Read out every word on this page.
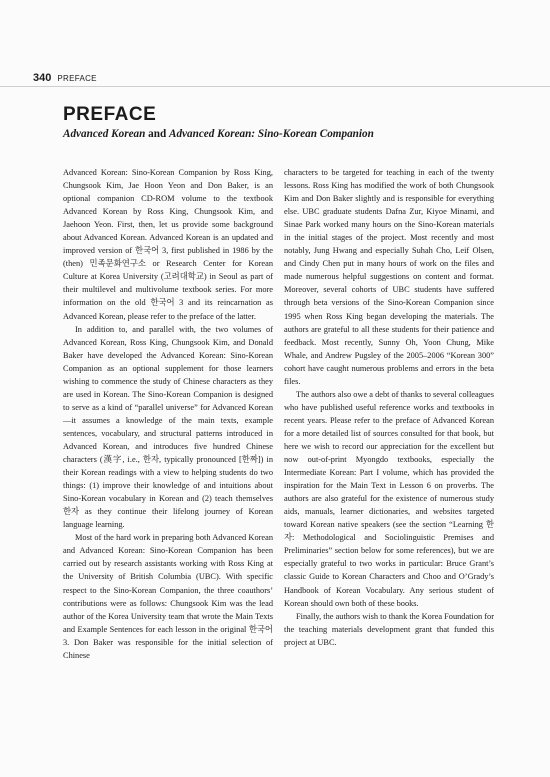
340 PREFACE
PREFACE
Advanced Korean and Advanced Korean: Sino-Korean Companion

Advanced Korean: Sino-Korean Companion by Ross King, Chungsook Kim, Jae Hoon Yeon and Don Baker, is an optional companion CD-ROM volume to the textbook Advanced Korean by Ross King, Chungsook Kim, and Jaehoon Yeon. First, then, let us provide some background about Advanced Korean. Advanced Korean is an updated and improved version of 한국어 3, first published in 1986 by the (then) 민족문화연구소 or Research Center for Korean Culture at Korea University (고려대학교) in Seoul as part of their multilevel and multivolume textbook series. For more information on the old 한국어 3 and its reincarnation as Advanced Korean, please refer to the preface of the latter.

In addition to, and parallel with, the two volumes of Advanced Korean, Ross King, Chungsook Kim, and Donald Baker have developed the Advanced Korean: Sino-Korean Companion as an optional supplement for those learners wishing to commence the study of Chinese characters as they are used in Korean. The Sino-Korean Companion is designed to serve as a kind of “parallel universe” for Advanced Korean—it assumes a knowledge of the main texts, example sentences, vocabulary, and structural patterns introduced in Advanced Korean, and introduces five hundred Chinese characters (漢字, i.e., 한자, typically pronounced [한짜]) in their Korean readings with a view to helping students do two things: (1) improve their knowledge of and intuitions about Sino-Korean vocabulary in Korean and (2) teach themselves 한자 as they continue their lifelong journey of Korean language learning.

Most of the hard work in preparing both Advanced Korean and Advanced Korean: Sino-Korean Companion has been carried out by research assistants working with Ross King at the University of British Columbia (UBC). With specific respect to the Sino-Korean Companion, the three coauthors’ contributions were as follows: Chungsook Kim was the lead author of the Korea University team that wrote the Main Texts and Example Sentences for each lesson in the original 한국어 3. Don Baker was responsible for the initial selection of Chinese

characters to be targeted for teaching in each of the twenty lessons. Ross King has modified the work of both Chungsook Kim and Don Baker slightly and is responsible for everything else. UBC graduate students Dafna Zur, Kiyoe Minami, and Sinae Park worked many hours on the Sino-Korean materials in the initial stages of the project. Most recently and most notably, Jung Hwang and especially Suhah Cho, Leif Olsen, and Cindy Chen put in many hours of work on the files and made numerous helpful suggestions on content and format. Moreover, several cohorts of UBC students have suffered through beta versions of the Sino-Korean Companion since 1995 when Ross King began developing the materials. The authors are grateful to all these students for their patience and feedback. Most recently, Sunny Oh, Yoon Chung, Mike Whale, and Andrew Pugsley of the 2005–2006 “Korean 300” cohort have caught numerous problems and errors in the beta files.

The authors also owe a debt of thanks to several colleagues who have published useful reference works and textbooks in recent years. Please refer to the preface of Advanced Korean for a more detailed list of sources consulted for that book, but here we wish to record our appreciation for the excellent but now out-of-print Myongdo textbooks, especially the Intermediate Korean: Part I volume, which has provided the inspiration for the Main Text in Lesson 6 on proverbs. The authors are also grateful for the existence of numerous study aids, manuals, learner dictionaries, and websites targeted toward Korean native speakers (see the section “Learning 한자: Methodological and Sociolinguistic Premises and Preliminaries” section below for some references), but we are especially grateful to two works in particular: Bruce Grant’s classic Guide to Korean Characters and Choo and O’Grady’s Handbook of Korean Vocabulary. Any serious student of Korean should own both of these books.

Finally, the authors wish to thank the Korea Foundation for the teaching materials development grant that funded this project at UBC.
